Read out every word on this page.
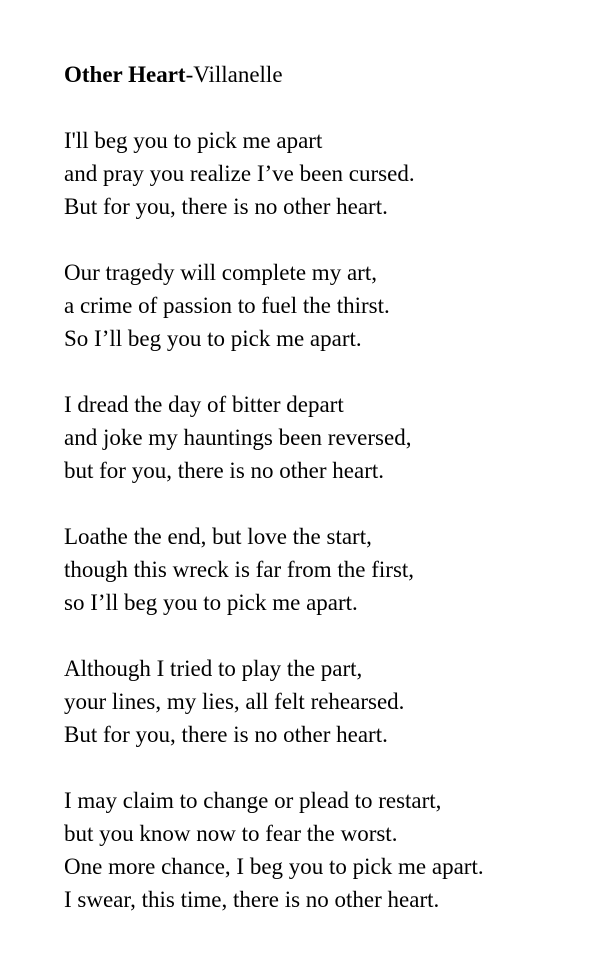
Other Heart-Villanelle
I'll beg you to pick me apart
and pray you realize I’ve been cursed.
But for you, there is no other heart.
Our tragedy will complete my art,
a crime of passion to fuel the thirst.
So I’ll beg you to pick me apart.
I dread the day of bitter depart
and joke my hauntings been reversed,
but for you, there is no other heart.
Loathe the end, but love the start,
though this wreck is far from the first,
so I’ll beg you to pick me apart.
Although I tried to play the part,
your lines, my lies, all felt rehearsed.
But for you, there is no other heart.
I may claim to change or plead to restart,
but you know now to fear the worst.
One more chance, I beg you to pick me apart.
I swear, this time, there is no other heart.
